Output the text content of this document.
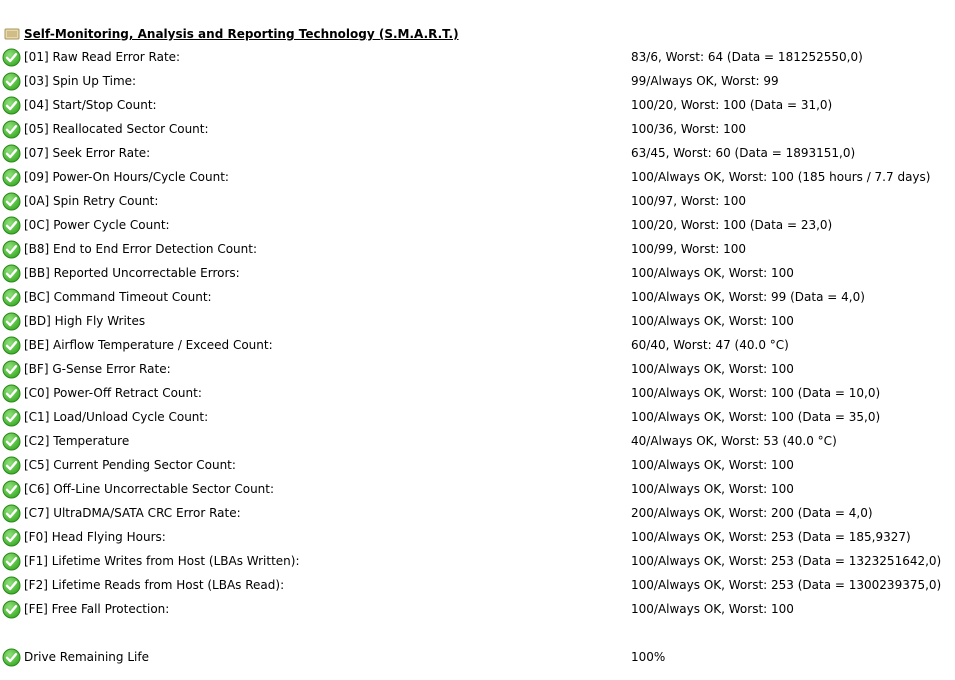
Self-Monitoring, Analysis and Reporting Technology (S.M.A.R.T.)
[01] Raw Read Error Rate:	83/6, Worst: 64 (Data = 181252550,0)
[03] Spin Up Time:	99/Always OK, Worst: 99
[04] Start/Stop Count:	100/20, Worst: 100 (Data = 31,0)
[05] Reallocated Sector Count:	100/36, Worst: 100
[07] Seek Error Rate:	63/45, Worst: 60 (Data = 1893151,0)
[09] Power-On Hours/Cycle Count:	100/Always OK, Worst: 100 (185 hours / 7.7 days)
[0A] Spin Retry Count:	100/97, Worst: 100
[0C] Power Cycle Count:	100/20, Worst: 100 (Data = 23,0)
[B8] End to End Error Detection Count:	100/99, Worst: 100
[BB] Reported Uncorrectable Errors:	100/Always OK, Worst: 100
[BC] Command Timeout Count:	100/Always OK, Worst: 99 (Data = 4,0)
[BD] High Fly Writes	100/Always OK, Worst: 100
[BE] Airflow Temperature / Exceed Count:	60/40, Worst: 47 (40.0 °C)
[BF] G-Sense Error Rate:	100/Always OK, Worst: 100
[C0] Power-Off Retract Count:	100/Always OK, Worst: 100 (Data = 10,0)
[C1] Load/Unload Cycle Count:	100/Always OK, Worst: 100 (Data = 35,0)
[C2] Temperature	40/Always OK, Worst: 53 (40.0 °C)
[C5] Current Pending Sector Count:	100/Always OK, Worst: 100
[C6] Off-Line Uncorrectable Sector Count:	100/Always OK, Worst: 100
[C7] UltraDMA/SATA CRC Error Rate:	200/Always OK, Worst: 200 (Data = 4,0)
[F0] Head Flying Hours:	100/Always OK, Worst: 253 (Data = 185,9327)
[F1] Lifetime Writes from Host (LBAs Written):	100/Always OK, Worst: 253 (Data = 1323251642,0)
[F2] Lifetime Reads from Host (LBAs Read):	100/Always OK, Worst: 253 (Data = 1300239375,0)
[FE] Free Fall Protection:	100/Always OK, Worst: 100
Drive Remaining Life	100%
